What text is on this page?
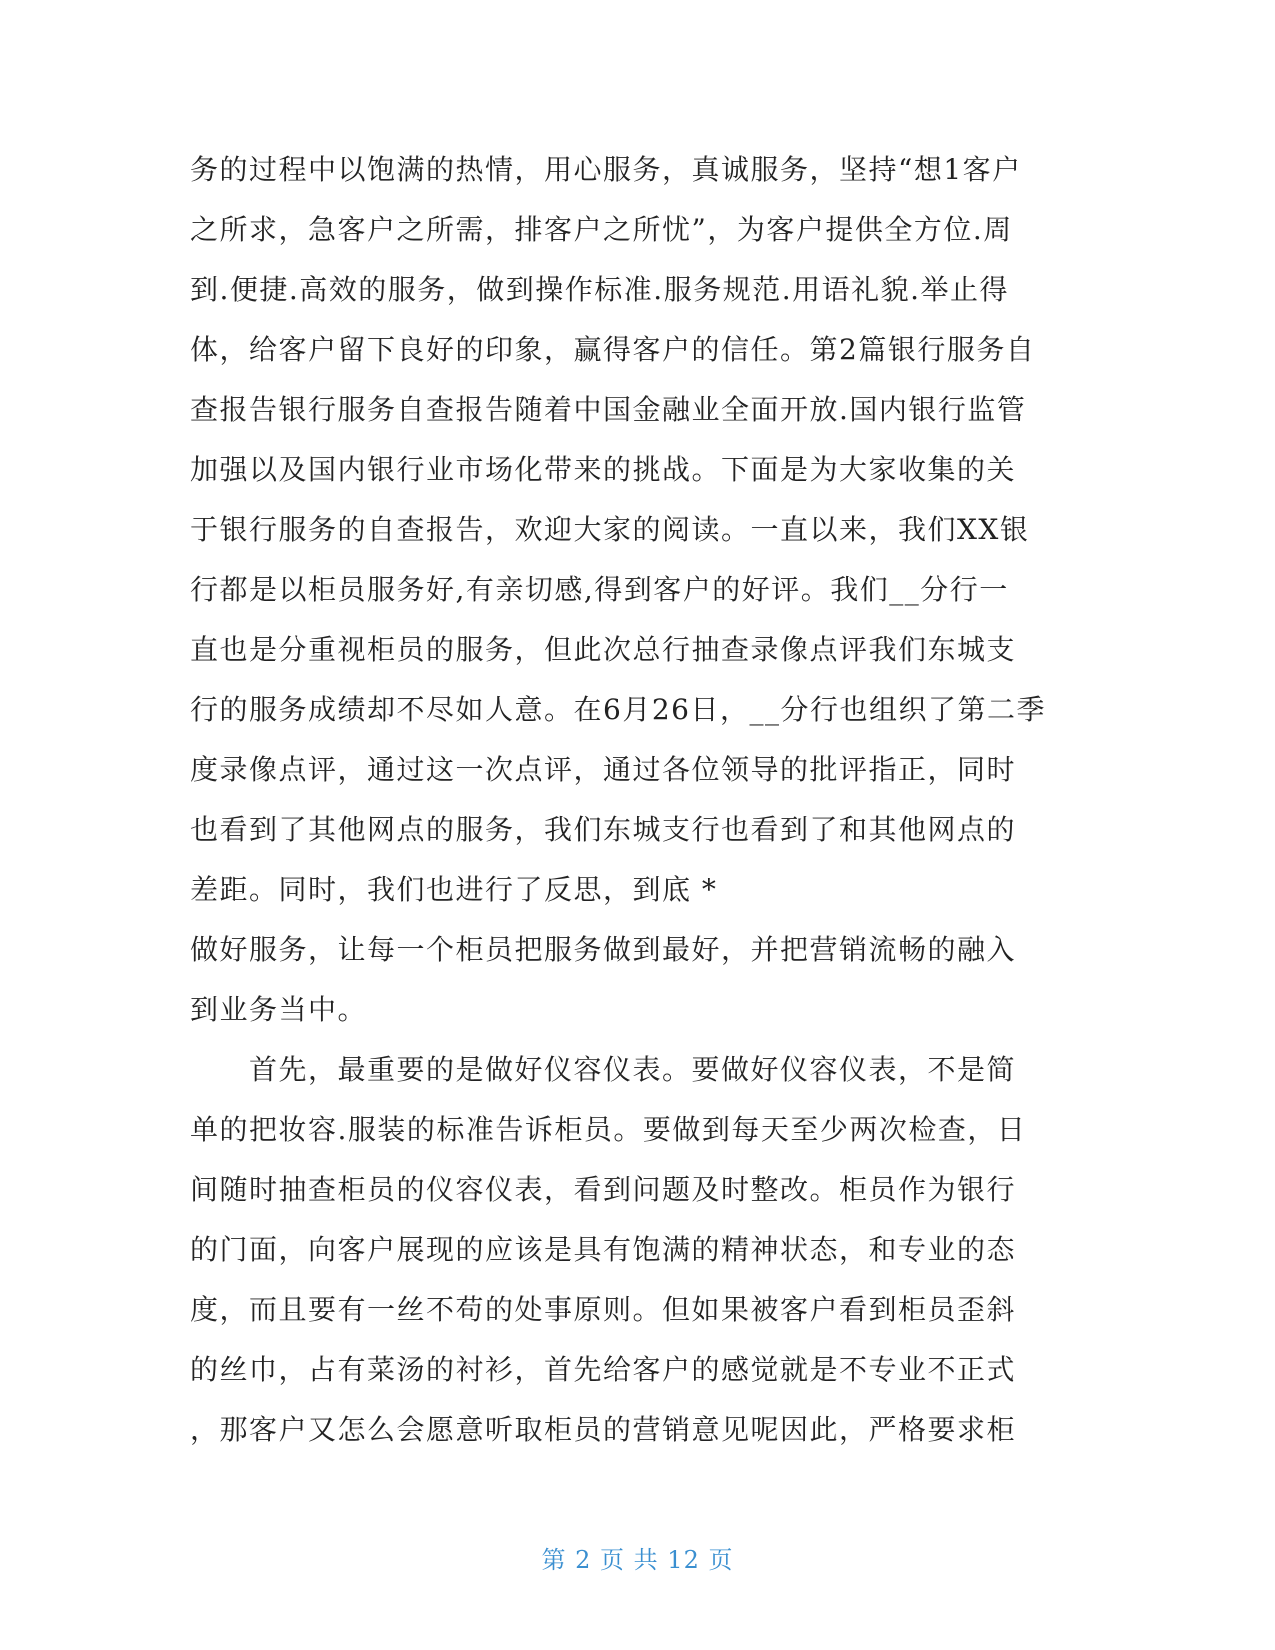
务的过程中以饱满的热情，用心服务，真诚服务，坚持“想1客户
之所求，急客户之所需，排客户之所忧”，为客户提供全方位.周
到.便捷.高效的服务，做到操作标准.服务规范.用语礼貌.举止得
体，给客户留下良好的印象，赢得客户的信任。第2篇银行服务自
查报告银行服务自查报告随着中国金融业全面开放.国内银行监管
加强以及国内银行业市场化带来的挑战。下面是为大家收集的关
于银行服务的自查报告，欢迎大家的阅读。一直以来，我们XX银
行都是以柜员服务好,有亲切感,得到客户的好评。我们__分行一
直也是分重视柜员的服务，但此次总行抽查录像点评我们东城支
行的服务成绩却不尽如人意。在6月26日，__分行也组织了第二季
度录像点评，通过这一次点评，通过各位领导的批评指正，同时
也看到了其他网点的服务，我们东城支行也看到了和其他网点的
差距。同时，我们也进行了反思，到底 *
做好服务，让每一个柜员把服务做到最好，并把营销流畅的融入
到业务当中。
　　首先，最重要的是做好仪容仪表。要做好仪容仪表，不是简
单的把妆容.服装的标准告诉柜员。要做到每天至少两次检查，日
间随时抽查柜员的仪容仪表，看到问题及时整改。柜员作为银行
的门面，向客户展现的应该是具有饱满的精神状态，和专业的态
度，而且要有一丝不苟的处事原则。但如果被客户看到柜员歪斜
的丝巾，占有菜汤的衬衫，首先给客户的感觉就是不专业不正式
，那客户又怎么会愿意听取柜员的营销意见呢因此，严格要求柜
第 2 页 共 12 页
